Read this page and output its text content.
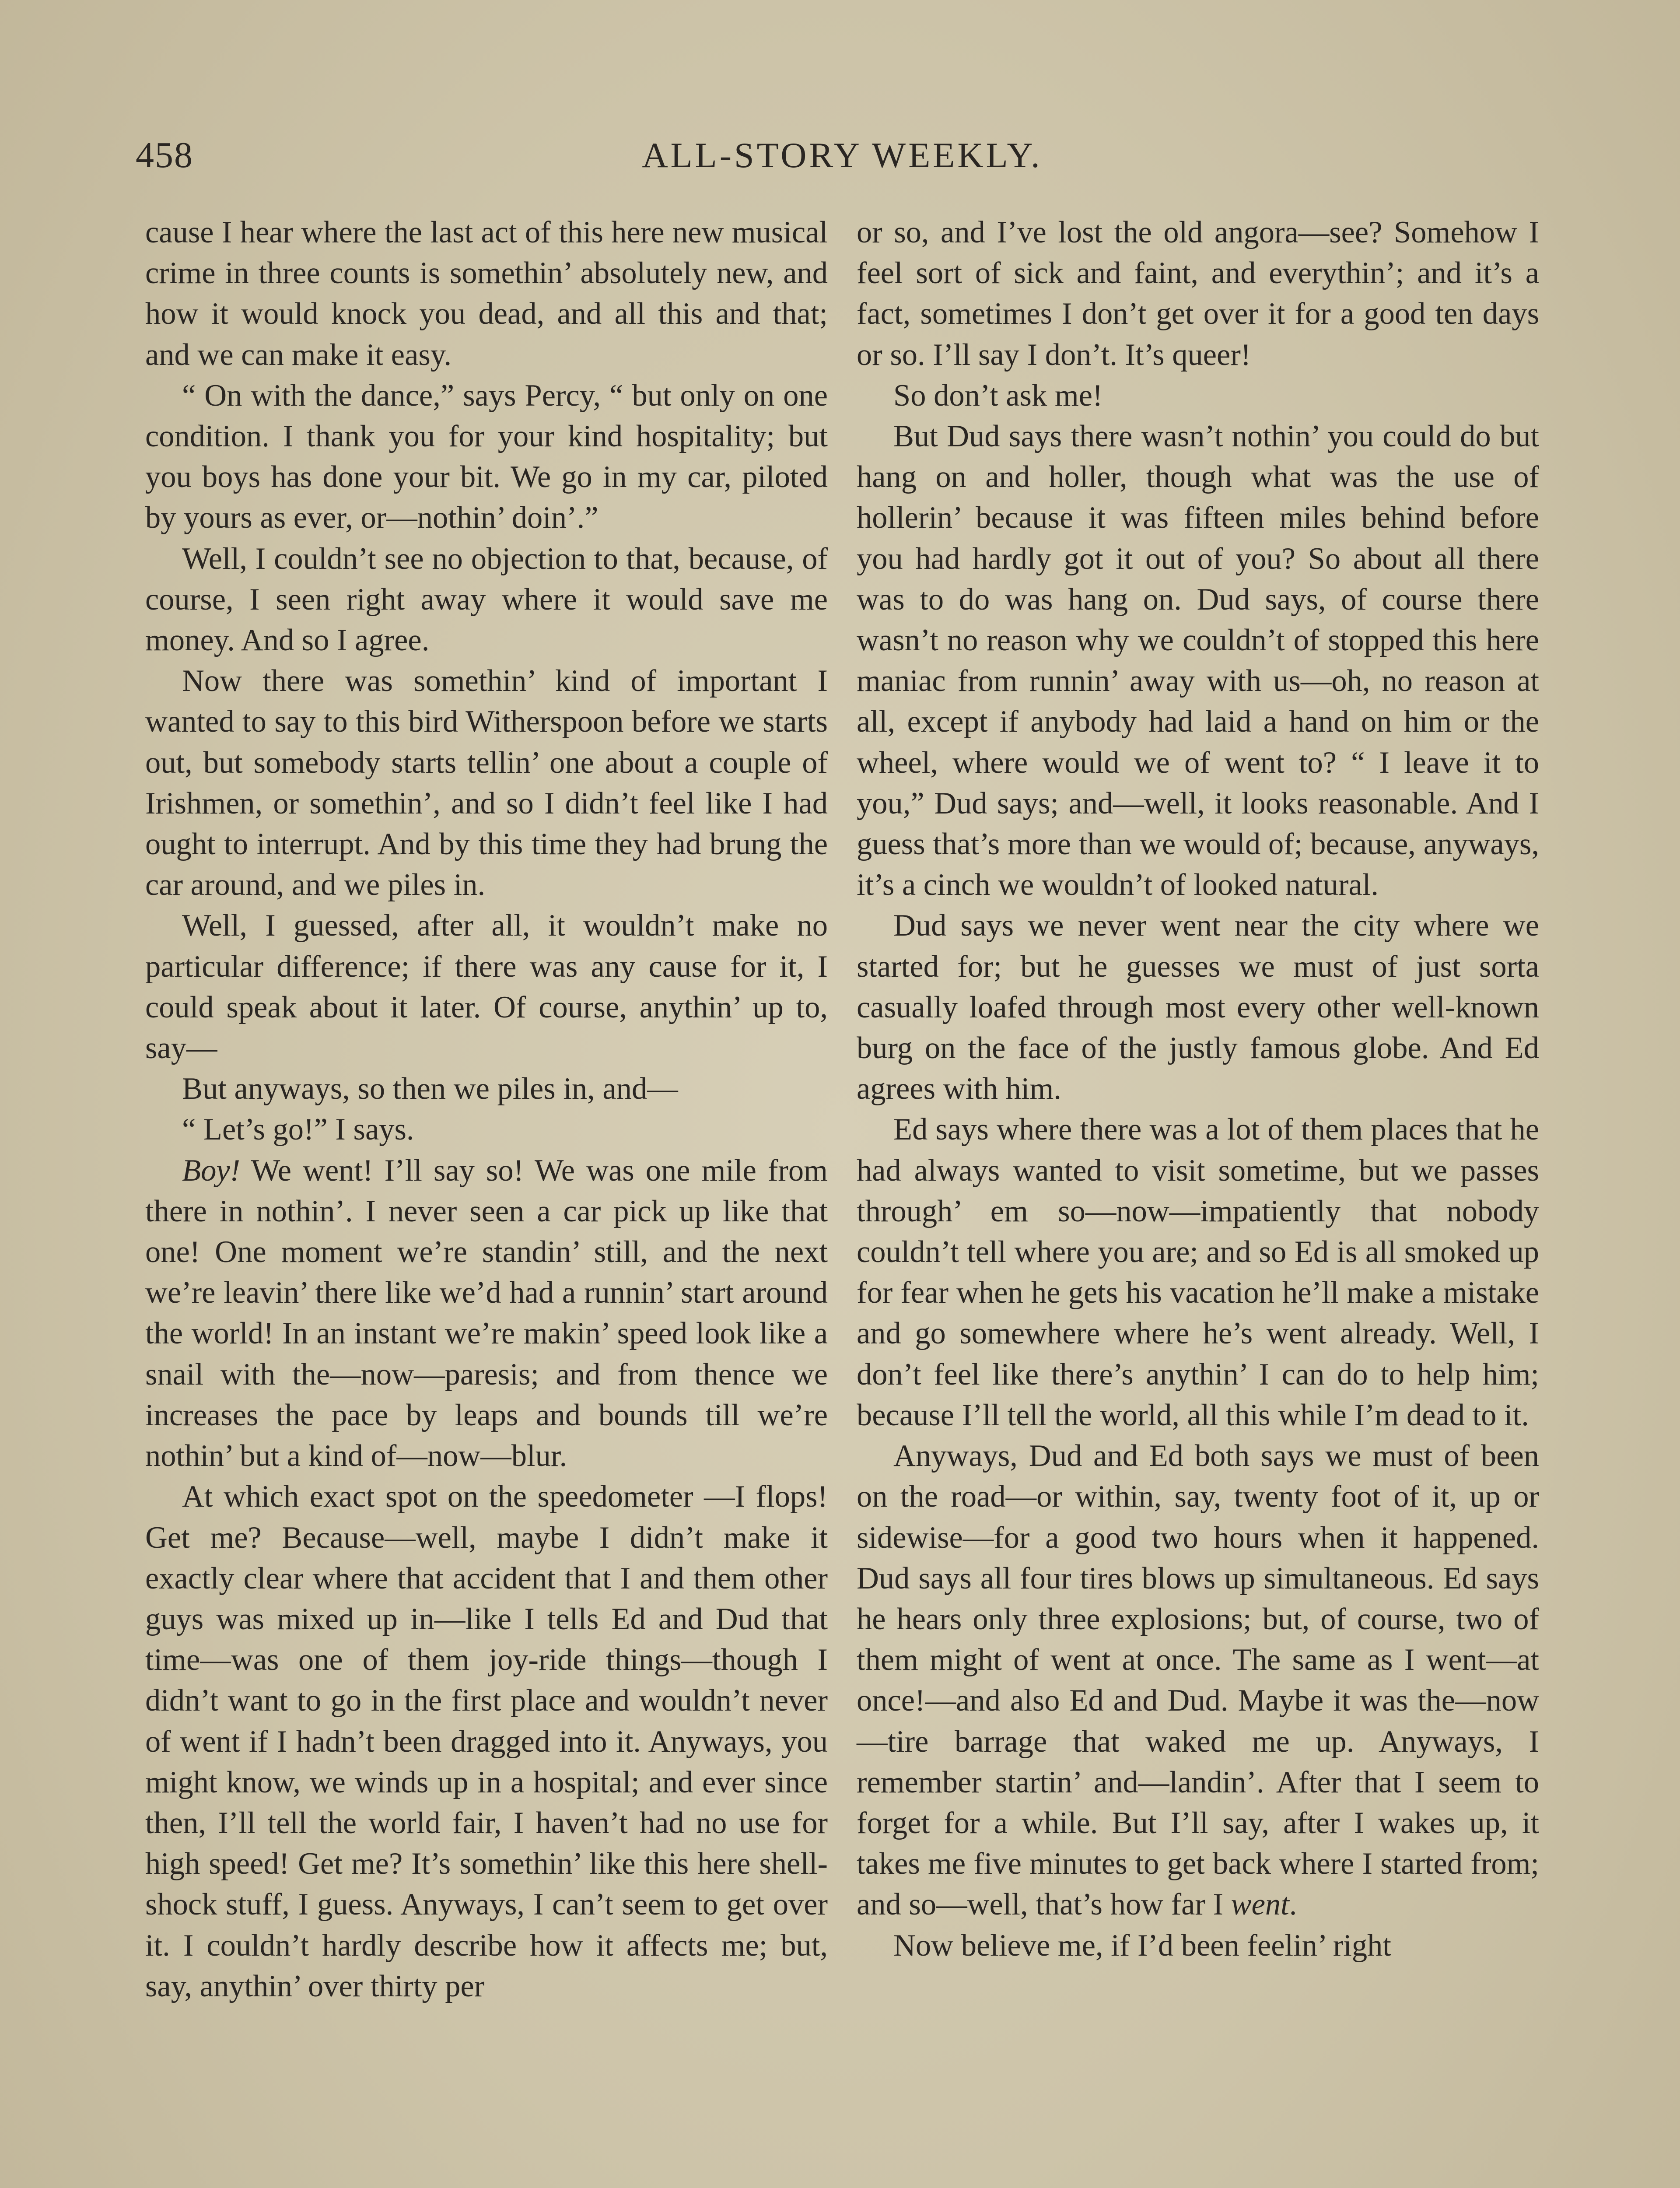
458	ALL-STORY WEEKLY.

cause I hear where the last act of this here new musical crime in three counts is somethin’ absolutely new, and how it would knock you dead, and all this and that; and we can make it easy.

“ On with the dance,” says Percy, “ but only on one condition. I thank you for your kind hospitality; but you boys has done your bit. We go in my car, piloted by yours as ever, or—nothin’ doin’.”

Well, I couldn’t see no objection to that, because, of course, I seen right away where it would save me money. And so I agree.

Now there was somethin’ kind of important I wanted to say to this bird Witherspoon before we starts out, but somebody starts tellin’ one about a couple of Irishmen, or somethin’, and so I didn’t feel like I had ought to interrupt. And by this time they had brung the car around, and we piles in.

Well, I guessed, after all, it wouldn’t make no particular difference; if there was any cause for it, I could speak about it later. Of course, anythin’ up to, say—

But anyways, so then we piles in, and—

“ Let’s go!” I says.

Boy! We went! I’ll say so! We was one mile from there in nothin’. I never seen a car pick up like that one! One moment we’re standin’ still, and the next we’re leavin’ there like we’d had a runnin’ start around the world! In an instant we’re makin’ speed look like a snail with the—now—paresis; and from thence we increases the pace by leaps and bounds till we’re nothin’ but a kind of—now—blur.

At which exact spot on the speedometer —I flops! Get me? Because—well, maybe I didn’t make it exactly clear where that accident that I and them other guys was mixed up in—like I tells Ed and Dud that time—was one of them joy-ride things—though I didn’t want to go in the first place and wouldn’t never of went if I hadn’t been dragged into it. Anyways, you might know, we winds up in a hospital; and ever since then, I’ll tell the world fair, I haven’t had no use for high speed! Get me? It’s somethin’ like this here shell-shock stuff, I guess. Anyways, I can’t seem to get over it. I couldn’t hardly describe how it affects me; but, say, anythin’ over thirty per

or so, and I’ve lost the old angora—see? Somehow I feel sort of sick and faint, and everythin’; and it’s a fact, sometimes I don’t get over it for a good ten days or so. I’ll say I don’t. It’s queer!

So don’t ask me!

But Dud says there wasn’t nothin’ you could do but hang on and holler, though what was the use of hollerin’ because it was fifteen miles behind before you had hardly got it out of you? So about all there was to do was hang on. Dud says, of course there wasn’t no reason why we couldn’t of stopped this here maniac from runnin’ away with us—oh, no reason at all, except if anybody had laid a hand on him or the wheel, where would we of went to? “ I leave it to you,” Dud says; and—well, it looks reasonable. And I guess that’s more than we would of; because, anyways, it’s a cinch we wouldn’t of looked natural.

Dud says we never went near the city where we started for; but he guesses we must of just sorta casually loafed through most every other well-known burg on the face of the justly famous globe. And Ed agrees with him.

Ed says where there was a lot of them places that he had always wanted to visit sometime, but we passes through’ em so—now—impatiently that nobody couldn’t tell where you are; and so Ed is all smoked up for fear when he gets his vacation he’ll make a mistake and go somewhere where he’s went already. Well, I don’t feel like there’s anythin’ I can do to help him; because I’ll tell the world, all this while I’m dead to it.

Anyways, Dud and Ed both says we must of been on the road—or within, say, twenty foot of it, up or sidewise—for a good two hours when it happened. Dud says all four tires blows up simultaneous. Ed says he hears only three explosions; but, of course, two of them might of went at once. The same as I went—at once!—and also Ed and Dud. Maybe it was the—now—tire barrage that waked me up. Anyways, I remember startin’ and—landin’. After that I seem to forget for a while. But I’ll say, after I wakes up, it takes me five minutes to get back where I started from; and so—well, that’s how far I went.

Now believe me, if I’d been feelin’ right
